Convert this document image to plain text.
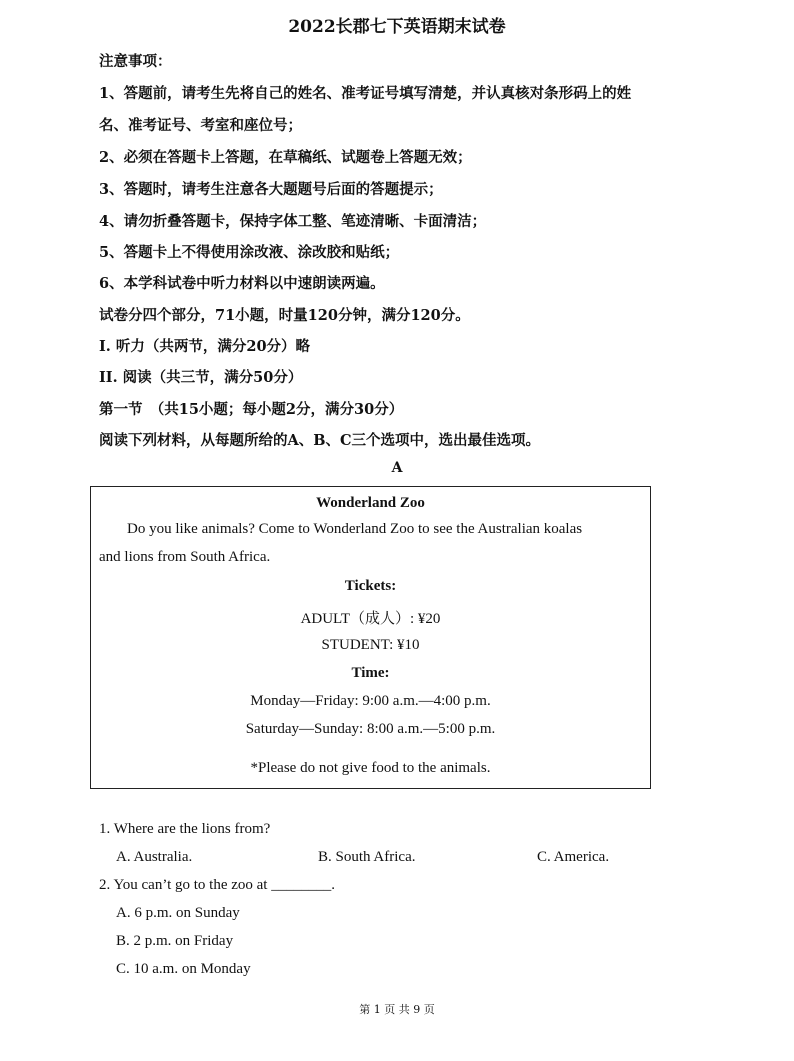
2022长郡七下英语期末试卷
注意事项：
1、答题前，请考生先将自己的姓名、准考证号填写清楚，并认真核对条形码上的姓
名、准考证号、考室和座位号；
2、必须在答题卡上答题，在草稿纸、试题卷上答题无效；
3、答题时，请考生注意各大题题号后面的答题提示；
4、请勿折叠答题卡，保持字体工整、笔迹清晰、卡面清洁；
5、答题卡上不得使用涂改液、涂改胶和贴纸；
6、本学科试卷中听力材料以中速朗读两遍。
试卷分四个部分，71小题，时量120分钟，满分120分。
I. 听力（共两节，满分20分）略
II. 阅读（共三节，满分50分）
第一节　（共15小题；每小题2分，满分30分）
阅读下列材料，从每题所给的A、B、C三个选项中，选出最佳选项。
A
Wonderland Zoo
Do you like animals? Come to Wonderland Zoo to see the Australian koalas
and lions from South Africa.
Tickets:
ADULT（成人）: ¥20
STUDENT: ¥10
Time:
Monday—Friday: 9:00 a.m.—4:00 p.m.
Saturday—Sunday: 8:00 a.m.—5:00 p.m.
*Please do not give food to the animals.
1. Where are the lions from?
A. Australia.	B. South Africa.	C. America.
2. You can’t go to the zoo at ________.
A. 6 p.m. on Sunday
B. 2 p.m. on Friday
C. 10 a.m. on Monday
第 1 页 共 9 页
